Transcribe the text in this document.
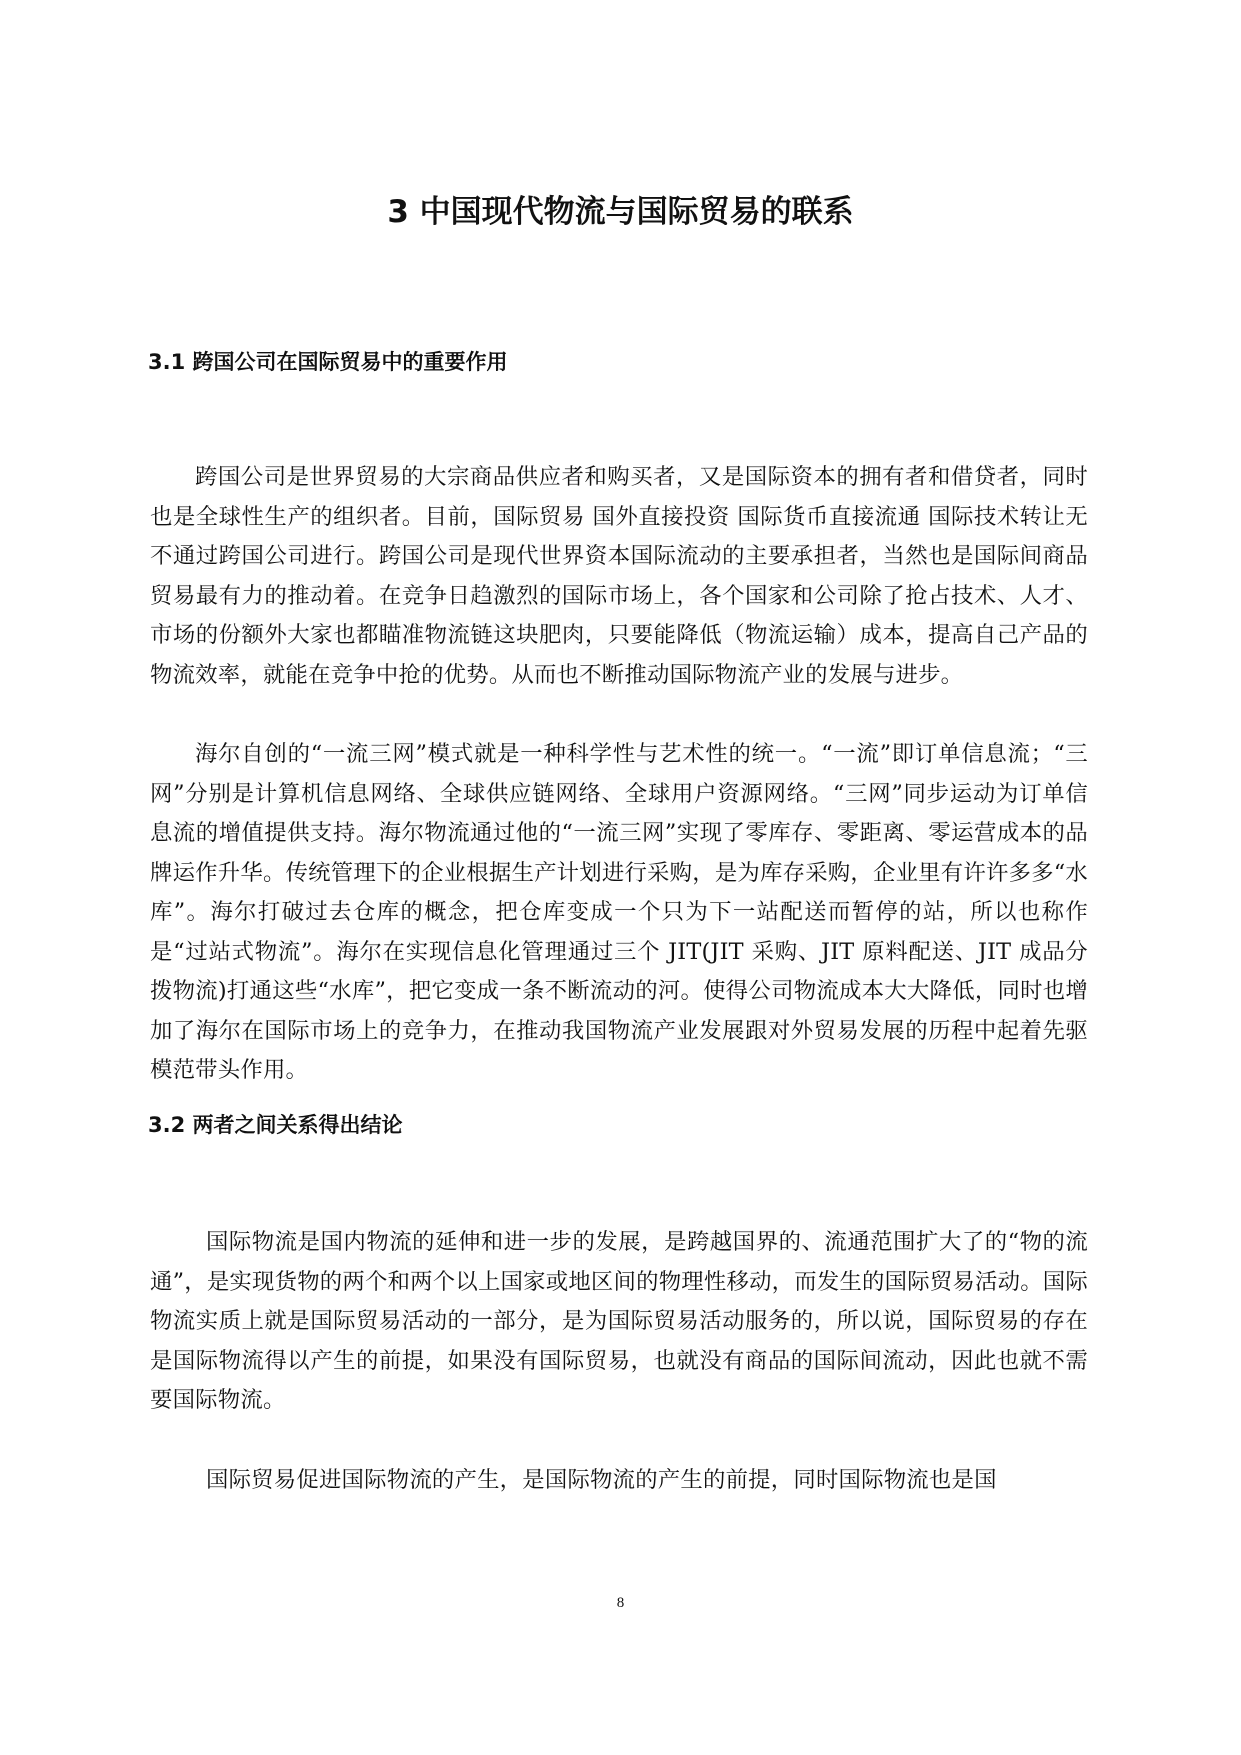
3 中国现代物流与国际贸易的联系
3.1 跨国公司在国际贸易中的重要作用

跨国公司是世界贸易的大宗商品供应者和购买者，又是国际资本的拥有者和借贷者，同时也是全球性生产的组织者。目前，国际贸易 国外直接投资 国际货币直接流通 国际技术转让无不通过跨国公司进行。跨国公司是现代世界资本国际流动的主要承担者，当然也是国际间商品贸易最有力的推动着。在竞争日趋激烈的国际市场上，各个国家和公司除了抢占技术、人才、市场的份额外大家也都瞄准物流链这块肥肉，只要能降低（物流运输）成本，提高自己产品的物流效率，就能在竞争中抢的优势。从而也不断推动国际物流产业的发展与进步。

海尔自创的“一流三网”模式就是一种科学性与艺术性的统一。“一流”即订单信息流；“三网”分别是计算机信息网络、全球供应链网络、全球用户资源网络。“三网”同步运动为订单信息流的增值提供支持。海尔物流通过他的“一流三网”实现了零库存、零距离、零运营成本的品牌运作升华。传统管理下的企业根据生产计划进行采购，是为库存采购，企业里有许许多多“水库”。海尔打破过去仓库的概念，把仓库变成一个只为下一站配送而暂停的站，所以也称作是“过站式物流”。海尔在实现信息化管理通过三个 JIT(JIT 采购、JIT 原料配送、JIT 成品分拨物流)打通这些“水库”，把它变成一条不断流动的河。使得公司物流成本大大降低，同时也增加了海尔在国际市场上的竞争力，在推动我国物流产业发展跟对外贸易发展的历程中起着先驱模范带头作用。

3.2 两者之间关系得出结论

国际物流是国内物流的延伸和进一步的发展，是跨越国界的、流通范围扩大了的“物的流通”，是实现货物的两个和两个以上国家或地区间的物理性移动，而发生的国际贸易活动。国际物流实质上就是国际贸易活动的一部分，是为国际贸易活动服务的，所以说，国际贸易的存在是国际物流得以产生的前提，如果没有国际贸易，也就没有商品的国际间流动，因此也就不需要国际物流。

国际贸易促进国际物流的产生，是国际物流的产生的前提，同时国际物流也是国

8
